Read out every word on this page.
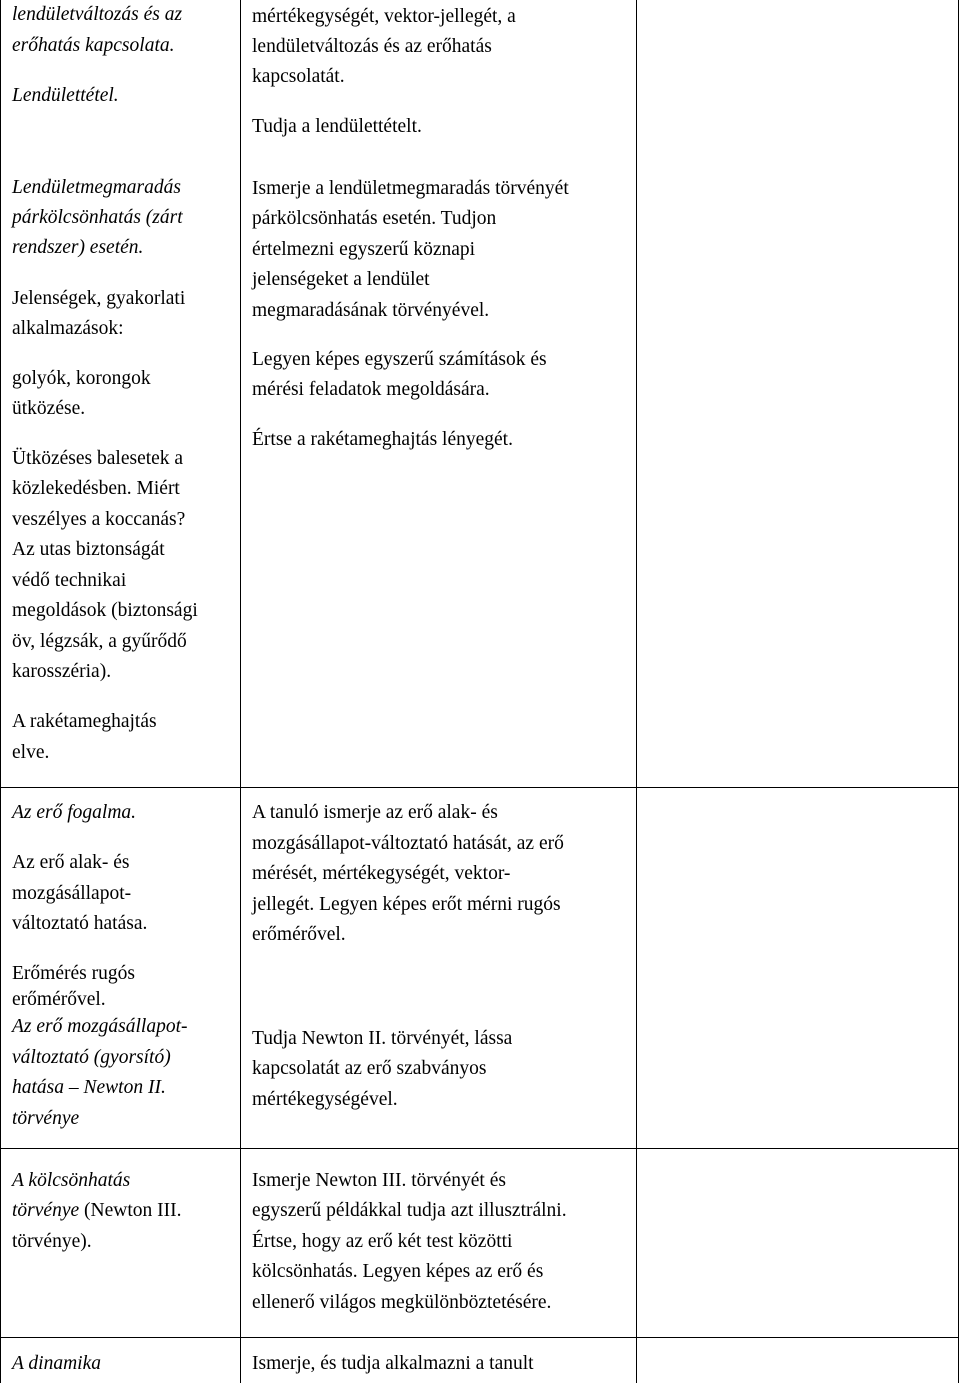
lendületváltozás és az

erőhatás kapcsolata.

Lendülettétel.

Lendületmegmaradás

párkölcsönhatás (zárt

rendszer) esetén.

Jelenségek, gyakorlati

alkalmazások:

golyók, korongok

ütközése.

Ütközéses balesetek a

közlekedésben. Miért

veszélyes a koccanás?

Az utas biztonságát

védő technikai

megoldások (biztonsági

öv, légzsák, a gyűrődő

karosszéria).

A rakétameghajtás

elve.

Az erő fogalma.

Az erő alak- és

mozgásállapot-

változtató hatása.

Erőmérés rugós

erőmérővel.

Az erő mozgásállapot-

változtató (gyorsító)

hatása – Newton II.

törvénye

A kölcsönhatás

törvénye (Newton III.

törvénye).

A dinamika

mértékegységét, vektor-jellegét, a

lendületváltozás és az erőhatás

kapcsolatát.

Tudja a lendülettételt.

Ismerje a lendületmegmaradás törvényét

párkölcsönhatás esetén. Tudjon

értelmezni egyszerű köznapi

jelenségeket a lendület

megmaradásának törvényével.

Legyen képes egyszerű számítások és

mérési feladatok megoldására.

Értse a rakétameghajtás lényegét.

A tanuló ismerje az erő alak- és

mozgásállapot-változtató hatását, az erő

mérését, mértékegységét, vektor-

jellegét. Legyen képes erőt mérni rugós

erőmérővel.

Tudja Newton II. törvényét, lássa

kapcsolatát az erő szabványos

mértékegységével.

Ismerje Newton III. törvényét és

egyszerű példákkal tudja azt illusztrálni.

Értse, hogy az erő két test közötti

kölcsönhatás. Legyen képes az erő és

ellenerő világos megkülönböztetésére.

Ismerje, és tudja alkalmazni a tanult
